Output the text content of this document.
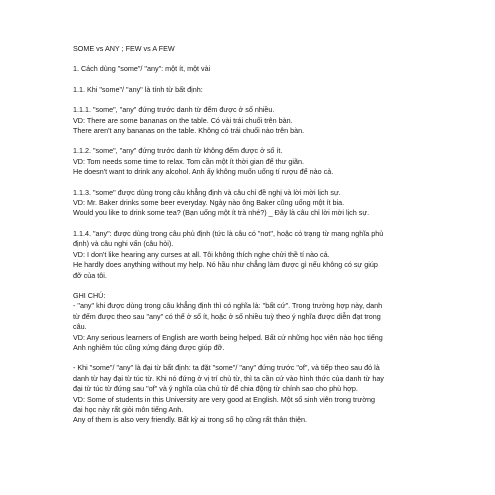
SOME vs ANY ; FEW vs A FEW
1. Cách dùng "some"/ "any": một ít, một vài
1.1. Khi "some"/ "any" là tính từ bất định:
1.1.1. "some", "any" đứng trước danh từ đếm được ở số nhiều.
VD: There are some bananas on the table. Có vài trái chuối trên bàn.
There aren't any bananas on the table. Không có trái chuối nào trên bàn.
1.1.2. "some", "any" đứng trước danh từ không đếm được ở số ít.
VD: Tom needs some time to relax. Tom cần một ít thời gian để thư giãn.
He doesn't want to drink any alcohol. Anh ấy không muốn uống tí rượu để nào cả.
1.1.3. "some" được dùng trong câu khẳng định và câu chỉ đề nghị và lời mời lịch sự.
VD: Mr. Baker drinks some beer everyday. Ngày nào ông Baker cũng uống một ít bia.
Would you like to drink some tea? (Bạn uống một ít trà nhé?) _ Đây là câu chỉ lời mời lịch sự.
1.1.4. "any": được dùng trong câu phủ định (tức là câu có "not", hoặc có trạng từ mang nghĩa phủ
định) và câu nghi vấn (câu hỏi).
VD: I don't like hearing any curses at all. Tôi không thích nghe chửi thề tí nào cả.
He hardly does anything without my help. Nó hầu như chẳng làm được gì nếu không có sự giúp
đỡ của tôi.
GHI CHÚ:
- "any" khi được dùng trong câu khẳng định thì có nghĩa là: "bất cứ". Trong trường hợp này, danh
từ đếm được theo sau "any" có thể ở số ít, hoặc ở số nhiều tuỳ theo ý nghĩa được diễn đạt trong
câu.
VD: Any serious learners of English are worth being helped. Bất cứ những học viên nào học tiếng
Anh nghiêm túc cũng xứng đáng được giúp đỡ.
- Khi "some"/ "any" là đại từ bất định: ta đặt "some"/ "any" đứng trước "of", và tiếp theo sau đó là
danh từ hay đại từ túc từ. Khi nó đứng ở vị trí chủ từ, thì ta cần cứ vào hình thức của danh từ hay
đại từ túc từ đứng sau "of" và ý nghĩa của chủ từ để chia động từ chính sao cho phù hợp.
VD: Some of students in this University are very good at English. Một số sinh viên trong trường
đại học này rất giỏi môn tiếng Anh.
Any of them is also very friendly. Bất kỳ ai trong số họ cũng rất thân thiện.
